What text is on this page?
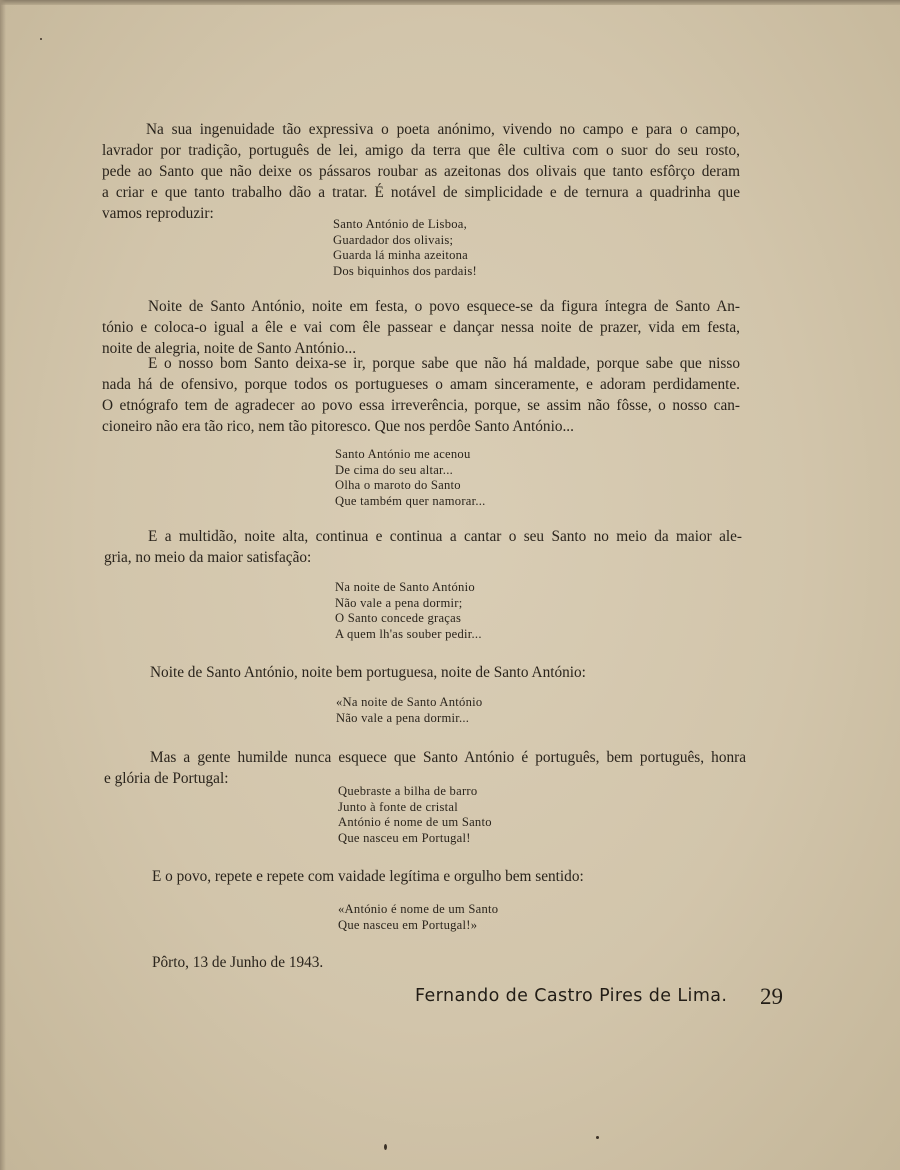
Na sua ingenuidade tão expressiva o poeta anónimo, vivendo no campo e para o campo,
lavrador por tradição, português de lei, amigo da terra que êle cultiva com o suor do seu rosto,
pede ao Santo que não deixe os pássaros roubar as azeitonas dos olivais que tanto esfôrço deram
a criar e que tanto trabalho dão a tratar. É notável de simplicidade e de ternura a quadrinha que
vamos reproduzir:
Santo António de Lisboa,
Guardador dos olivais;
Guarda lá minha azeitona
Dos biquinhos dos pardais!
Noite de Santo António, noite em festa, o povo esquece-se da figura íntegra de Santo An-
tónio e coloca-o igual a êle e vai com êle passear e dançar nessa noite de prazer, vida em festa,
noite de alegria, noite de Santo António...
E o nosso bom Santo deixa-se ir, porque sabe que não há maldade, porque sabe que nisso
nada há de ofensivo, porque todos os portugueses o amam sinceramente, e adoram perdidamente.
O etnógrafo tem de agradecer ao povo essa irreverência, porque, se assim não fôsse, o nosso can-
cioneiro não era tão rico, nem tão pitoresco. Que nos perdôe Santo António...
Santo António me acenou
De cima do seu altar...
Olha o maroto do Santo
Que também quer namorar...
E a multidão, noite alta, continua e continua a cantar o seu Santo no meio da maior ale-
gria, no meio da maior satisfação:
Na noite de Santo António
Não vale a pena dormir;
O Santo concede graças
A quem lh'as souber pedir...
Noite de Santo António, noite bem portuguesa, noite de Santo António:
«Na noite de Santo António
Não vale a pena dormir...
Mas a gente humilde nunca esquece que Santo António é português, bem português, honra
e glória de Portugal:
Quebraste a bilha de barro
Junto à fonte de cristal
António é nome de um Santo
Que nasceu em Portugal!
E o povo, repete e repete com vaidade legítima e orgulho bem sentido:
«António é nome de um Santo
Que nasceu em Portugal!»
Pôrto, 13 de Junho de 1943.
Fernando de Castro Pires de Lima. 29
